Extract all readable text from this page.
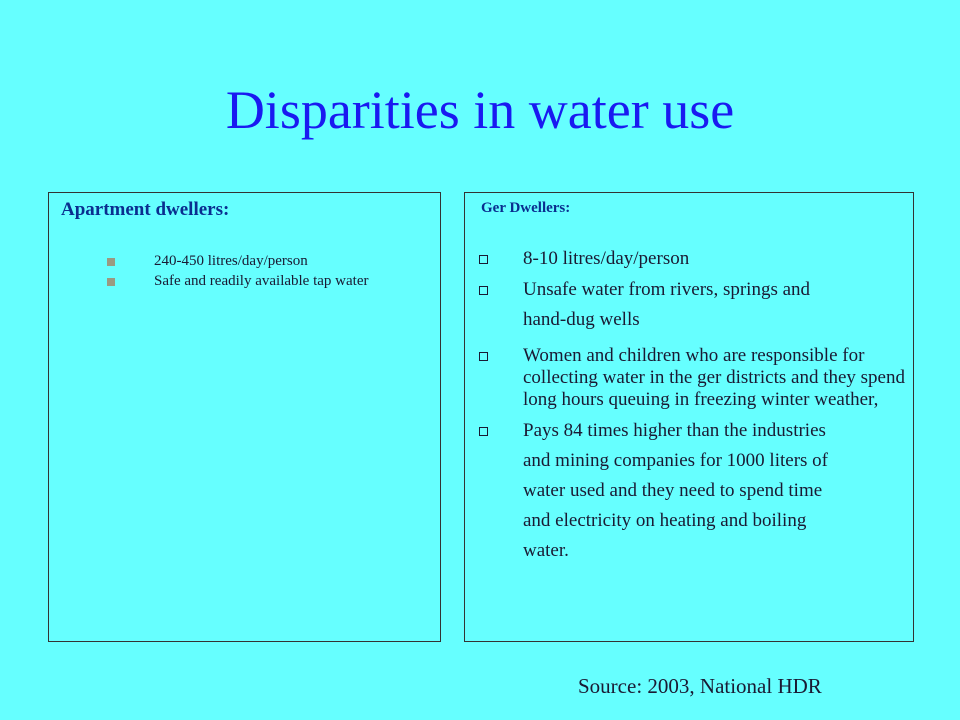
Disparities in water use
Apartment dwellers:
240-450 litres/day/person
Safe and readily available tap water
Ger Dwellers:
8-10 litres/day/person
Unsafe water from rivers, springs and
hand-dug wells
Women and children who are responsible for collecting water in the ger districts and they spend long hours queuing in freezing winter weather,
Pays 84 times higher than the industries
and mining companies for 1000 liters of
water used and they need to spend time
and electricity on heating and boiling
water.
Source: 2003, National HDR
